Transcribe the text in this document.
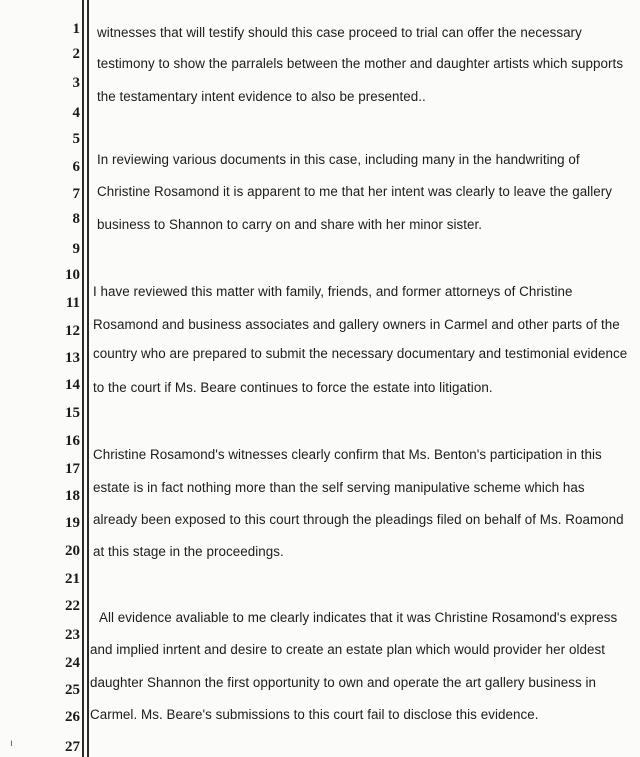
1
2
3
4
5
6
7
8
9
10
11
12
13
14
15
16
17
18
19
20
21
22
23
24
25
26
27
witnesses that will testify should this case proceed to trial can offer the necessary
testimony to show the parralels between the mother and daughter artists which supports
the testamentary intent evidence to also be presented..
In reviewing various documents in this case, including many in the handwriting of
Christine Rosamond it is apparent to me that her intent was clearly to leave the gallery
business to Shannon to carry on and share with her minor sister.
I have reviewed this matter with family, friends, and former attorneys of Christine
Rosamond and business associates and gallery owners in Carmel and other parts of the
country who are prepared to submit the necessary documentary and testimonial evidence
to the court if Ms. Beare continues to force the estate into litigation.
Christine Rosamond's witnesses clearly confirm that Ms. Benton's participation in this
estate is in fact nothing more than the self serving manipulative scheme which has
already been exposed to this court through the pleadings filed on behalf of Ms. Roamond
at this stage in the proceedings.
All evidence avaliable to me clearly indicates that it was Christine Rosamond's express
and implied inrtent and desire to create an estate plan which would provider her oldest
daughter Shannon the first opportunity to own and operate the art gallery business in
Carmel. Ms. Beare's submissions to this court fail to disclose this evidence.
ı
